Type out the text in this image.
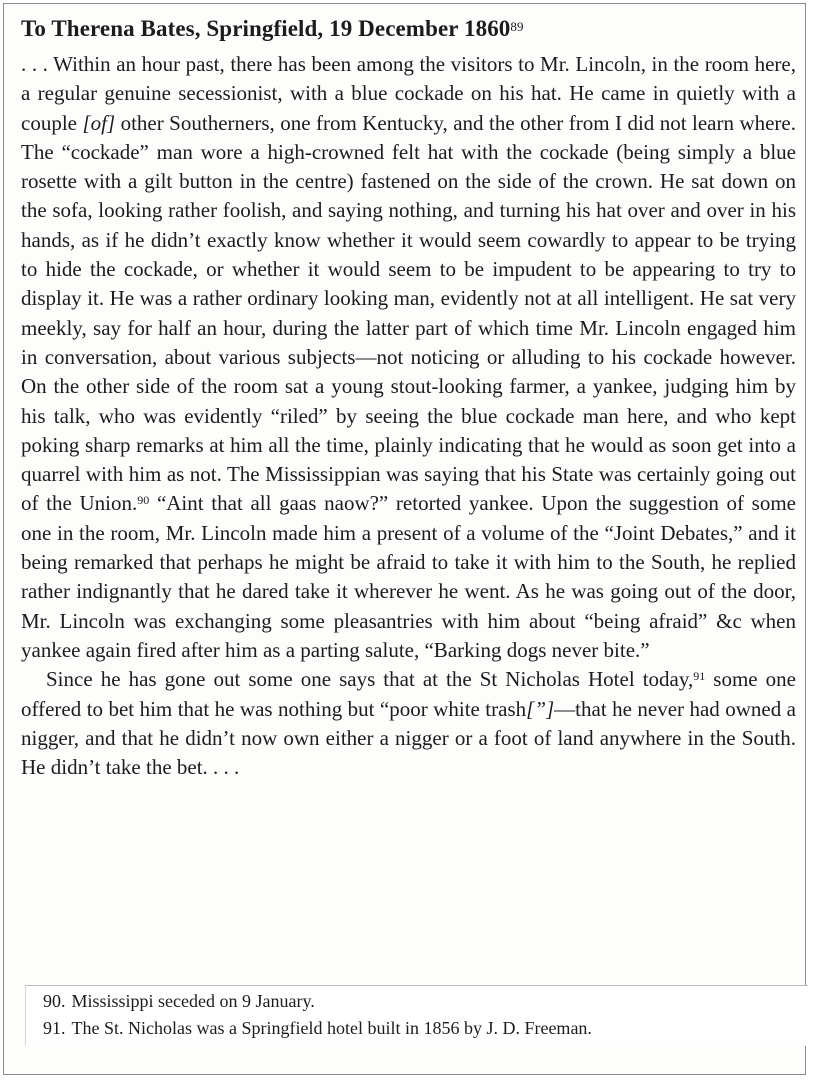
To Therena Bates, Springfield, 19 December 1860$^{89}$

. . . Within an hour past, there has been among the visitors to Mr. Lincoln, in the room here, a regular genuine secessionist, with a blue cockade on his hat. He came in quietly with a couple [of] other Southerners, one from Kentucky, and the other from I did not learn where. The “cockade” man wore a high-crowned felt hat with the cockade (being simply a blue rosette with a gilt button in the centre) fastened on the side of the crown. He sat down on the sofa, looking rather foolish, and saying nothing, and turning his hat over and over in his hands, as if he didn’t exactly know whether it would seem cowardly to appear to be trying to hide the cockade, or whether it would seem to be impudent to be appearing to try to display it. He was a rather ordinary looking man, evidently not at all intelligent. He sat very meekly, say for half an hour, during the latter part of which time Mr. Lincoln engaged him in conversation, about various subjects—not noticing or alluding to his cockade however. On the other side of the room sat a young stout-looking farmer, a yankee, judging him by his talk, who was evidently “riled” by seeing the blue cockade man here, and who kept poking sharp remarks at him all the time, plainly indicating that he would as soon get into a quarrel with him as not. The Mississippian was saying that his State was certainly going out of the Union.$^{90}$ “Aint that all gaas naow?” retorted yankee. Upon the suggestion of some one in the room, Mr. Lincoln made him a present of a volume of the “Joint Debates,” and it being remarked that perhaps he might be afraid to take it with him to the South, he replied rather indignantly that he dared take it wherever he went. As he was going out of the door, Mr. Lincoln was exchanging some pleasantries with him about “being afraid” &c when yankee again fired after him as a parting salute, “Barking dogs never bite.”

Since he has gone out some one says that at the St Nicholas Hotel today,$^{91}$ some one offered to bet him that he was nothing but “poor white trash[”]—that he never had owned a nigger, and that he didn’t now own either a nigger or a foot of land anywhere in the South. He didn’t take the bet. . . .

90. Mississippi seceded on 9 January.

91. The St. Nicholas was a Springfield hotel built in 1856 by J. D. Freeman.
